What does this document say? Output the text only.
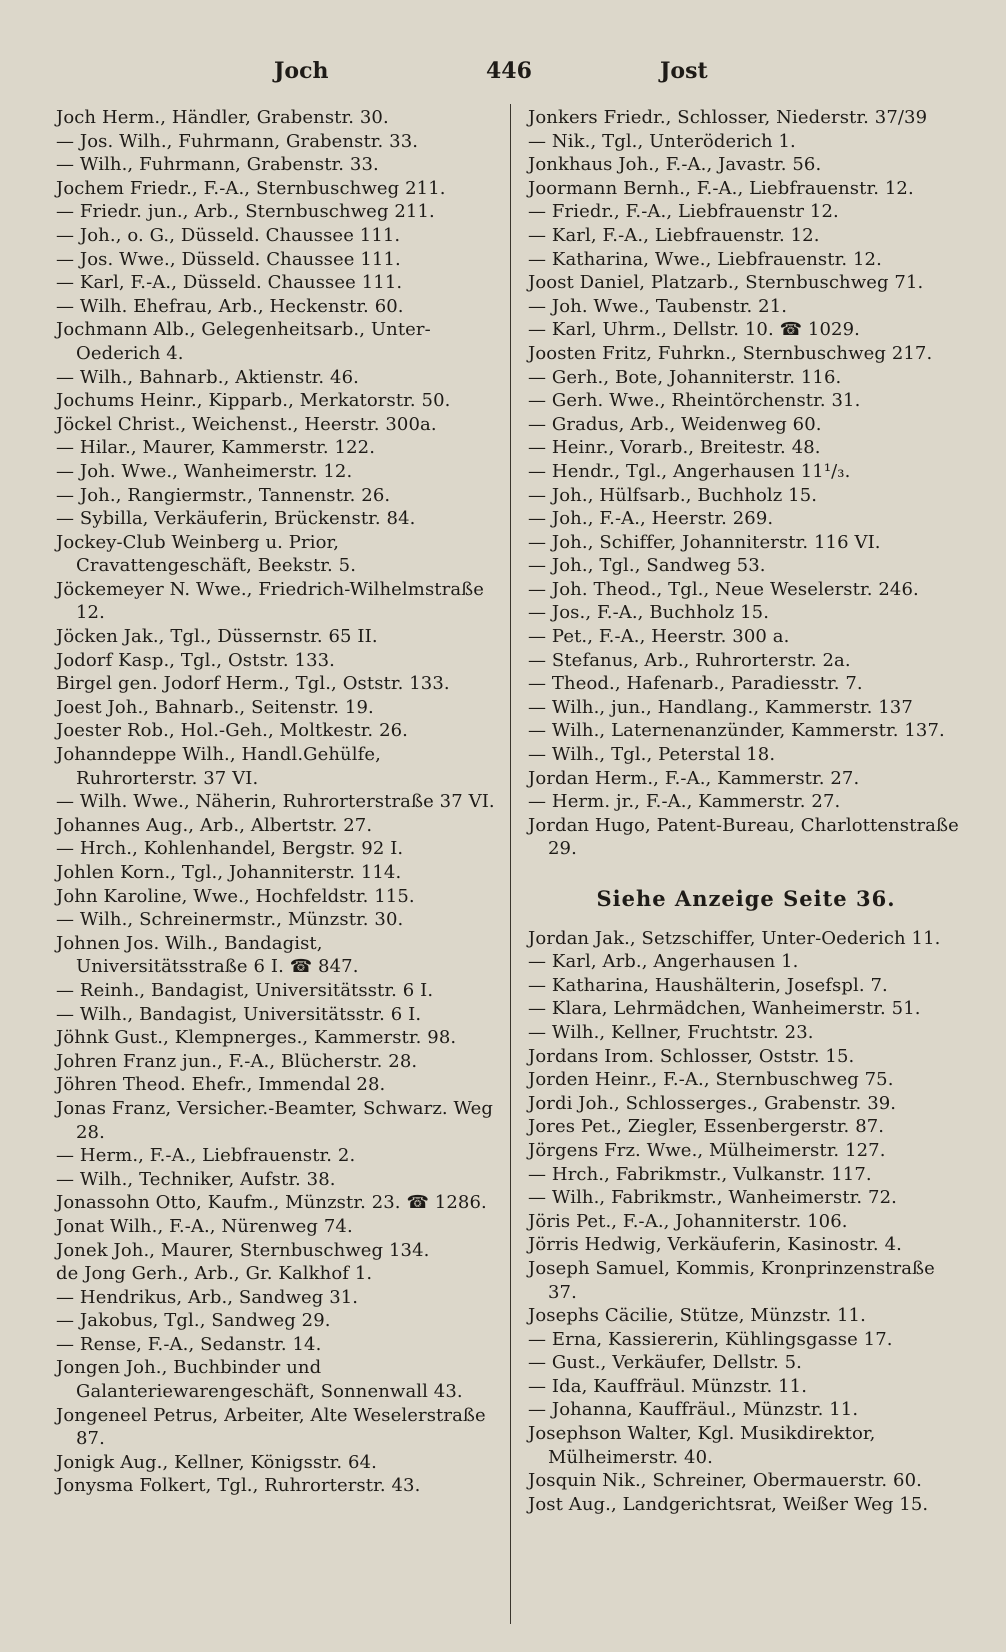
Joch	446	Jost
Joch Herm., Händler, Grabenstr. 30.
— Jos. Wilh., Fuhrmann, Grabenstr. 33.
— Wilh., Fuhrmann, Grabenstr. 33.
Jochem Friedr., F.-A., Sternbuschweg 211.
— Friedr. jun., Arb., Sternbuschweg 211.
— Joh., o. G., Düsseld. Chaussee 111.
— Jos. Wwe., Düsseld. Chaussee 111.
— Karl, F.-A., Düsseld. Chaussee 111.
— Wilh. Ehefrau, Arb., Heckenstr. 60.
Jochmann Alb., Gelegenheitsarb., Unter-Oederich 4.
— Wilh., Bahnarb., Aktienstr. 46.
Jochums Heinr., Kipparb., Merkatorstr. 50.
Jöckel Christ., Weichenst., Heerstr. 300a.
— Hilar., Maurer, Kammerstr. 122.
— Joh. Wwe., Wanheimerstr. 12.
— Joh., Rangiermstr., Tannenstr. 26.
— Sybilla, Verkäuferin, Brückenstr. 84.
Jockey-Club Weinberg u. Prior, Cravattengeschäft, Beekstr. 5.
Jöckemeyer N. Wwe., Friedrich-Wilhelmstraße 12.
Jöcken Jak., Tgl., Düssernstr. 65 II.
Jodorf Kasp., Tgl., Oststr. 133.
Birgel gen. Jodorf Herm., Tgl., Oststr. 133.
Joest Joh., Bahnarb., Seitenstr. 19.
Joester Rob., Hol.-Geh., Moltkestr. 26.
Johanndeppe Wilh., Handl.Gehülfe, Ruhrorterstr. 37 VI.
— Wilh. Wwe., Näherin, Ruhrorterstraße 37 VI.
Johannes Aug., Arb., Albertstr. 27.
— Hrch., Kohlenhandel, Bergstr. 92 I.
Johlen Korn., Tgl., Johanniterstr. 114.
John Karoline, Wwe., Hochfeldstr. 115.
— Wilh., Schreinermstr., Münzstr. 30.
Johnen Jos. Wilh., Bandagist, Universitätsstraße 6 I. ☎ 847.
— Reinh., Bandagist, Universitätsstr. 6 I.
— Wilh., Bandagist, Universitätsstr. 6 I.
Jöhnk Gust., Klempnerges., Kammerstr. 98.
Johren Franz jun., F.-A., Blücherstr. 28.
Jöhren Theod. Ehefr., Immendal 28.
Jonas Franz, Versicher.-Beamter, Schwarz. Weg 28.
— Herm., F.-A., Liebfrauenstr. 2.
— Wilh., Techniker, Aufstr. 38.
Jonassohn Otto, Kaufm., Münzstr. 23. ☎ 1286.
Jonat Wilh., F.-A., Nürenweg 74.
Jonek Joh., Maurer, Sternbuschweg 134.
de Jong Gerh., Arb., Gr. Kalkhof 1.
— Hendrikus, Arb., Sandweg 31.
— Jakobus, Tgl., Sandweg 29.
— Rense, F.-A., Sedanstr. 14.
Jongen Joh., Buchbinder und Galanteriewarengeschäft, Sonnenwall 43.
Jongeneel Petrus, Arbeiter, Alte Weselerstraße 87.
Jonigk Aug., Kellner, Königsstr. 64.
Jonysma Folkert, Tgl., Ruhrorterstr. 43.
Jonkers Friedr., Schlosser, Niederstr. 37/39
— Nik., Tgl., Unteröderich 1.
Jonkhaus Joh., F.-A., Javastr. 56.
Joormann Bernh., F.-A., Liebfrauenstr. 12.
— Friedr., F.-A., Liebfrauenstr 12.
— Karl, F.-A., Liebfrauenstr. 12.
— Katharina, Wwe., Liebfrauenstr. 12.
Joost Daniel, Platzarb., Sternbuschweg 71.
— Joh. Wwe., Taubenstr. 21.
— Karl, Uhrm., Dellstr. 10. ☎ 1029.
Joosten Fritz, Fuhrkn., Sternbuschweg 217.
— Gerh., Bote, Johanniterstr. 116.
— Gerh. Wwe., Rheintörchenstr. 31.
— Gradus, Arb., Weidenweg 60.
— Heinr., Vorarb., Breitestr. 48.
— Hendr., Tgl., Angerhausen 11¹/₃.
— Joh., Hülfsarb., Buchholz 15.
— Joh., F.-A., Heerstr. 269.
— Joh., Schiffer, Johanniterstr. 116 VI.
— Joh., Tgl., Sandweg 53.
— Joh. Theod., Tgl., Neue Weselerstr. 246.
— Jos., F.-A., Buchholz 15.
— Pet., F.-A., Heerstr. 300 a.
— Stefanus, Arb., Ruhrorterstr. 2a.
— Theod., Hafenarb., Paradiesstr. 7.
— Wilh., jun., Handlang., Kammerstr. 137
— Wilh., Laternenanzünder, Kammerstr. 137.
— Wilh., Tgl., Peterstal 18.
Jordan Herm., F.-A., Kammerstr. 27.
— Herm. jr., F.-A., Kammerstr. 27.
Jordan Hugo, Patent-Bureau, Charlottenstraße 29.
Siehe Anzeige Seite 36.
Jordan Jak., Setzschiffer, Unter-Oederich 11.
— Karl, Arb., Angerhausen 1.
— Katharina, Haushälterin, Josefspl. 7.
— Klara, Lehrmädchen, Wanheimerstr. 51.
— Wilh., Kellner, Fruchtstr. 23.
Jordans Irom. Schlosser, Oststr. 15.
Jorden Heinr., F.-A., Sternbuschweg 75.
Jordi Joh., Schlosserges., Grabenstr. 39.
Jores Pet., Ziegler, Essenbergerstr. 87.
Jörgens Frz. Wwe., Mülheimerstr. 127.
— Hrch., Fabrikmstr., Vulkanstr. 117.
— Wilh., Fabrikmstr., Wanheimerstr. 72.
Jöris Pet., F.-A., Johanniterstr. 106.
Jörris Hedwig, Verkäuferin, Kasinostr. 4.
Joseph Samuel, Kommis, Kronprinzenstraße 37.
Josephs Cäcilie, Stütze, Münzstr. 11.
— Erna, Kassiererin, Kühlingsgasse 17.
— Gust., Verkäufer, Dellstr. 5.
— Ida, Kauffräul. Münzstr. 11.
— Johanna, Kauffräul., Münzstr. 11.
Josephson Walter, Kgl. Musikdirektor, Mülheimerstr. 40.
Josquin Nik., Schreiner, Obermauerstr. 60.
Jost Aug., Landgerichtsrat, Weißer Weg 15.
